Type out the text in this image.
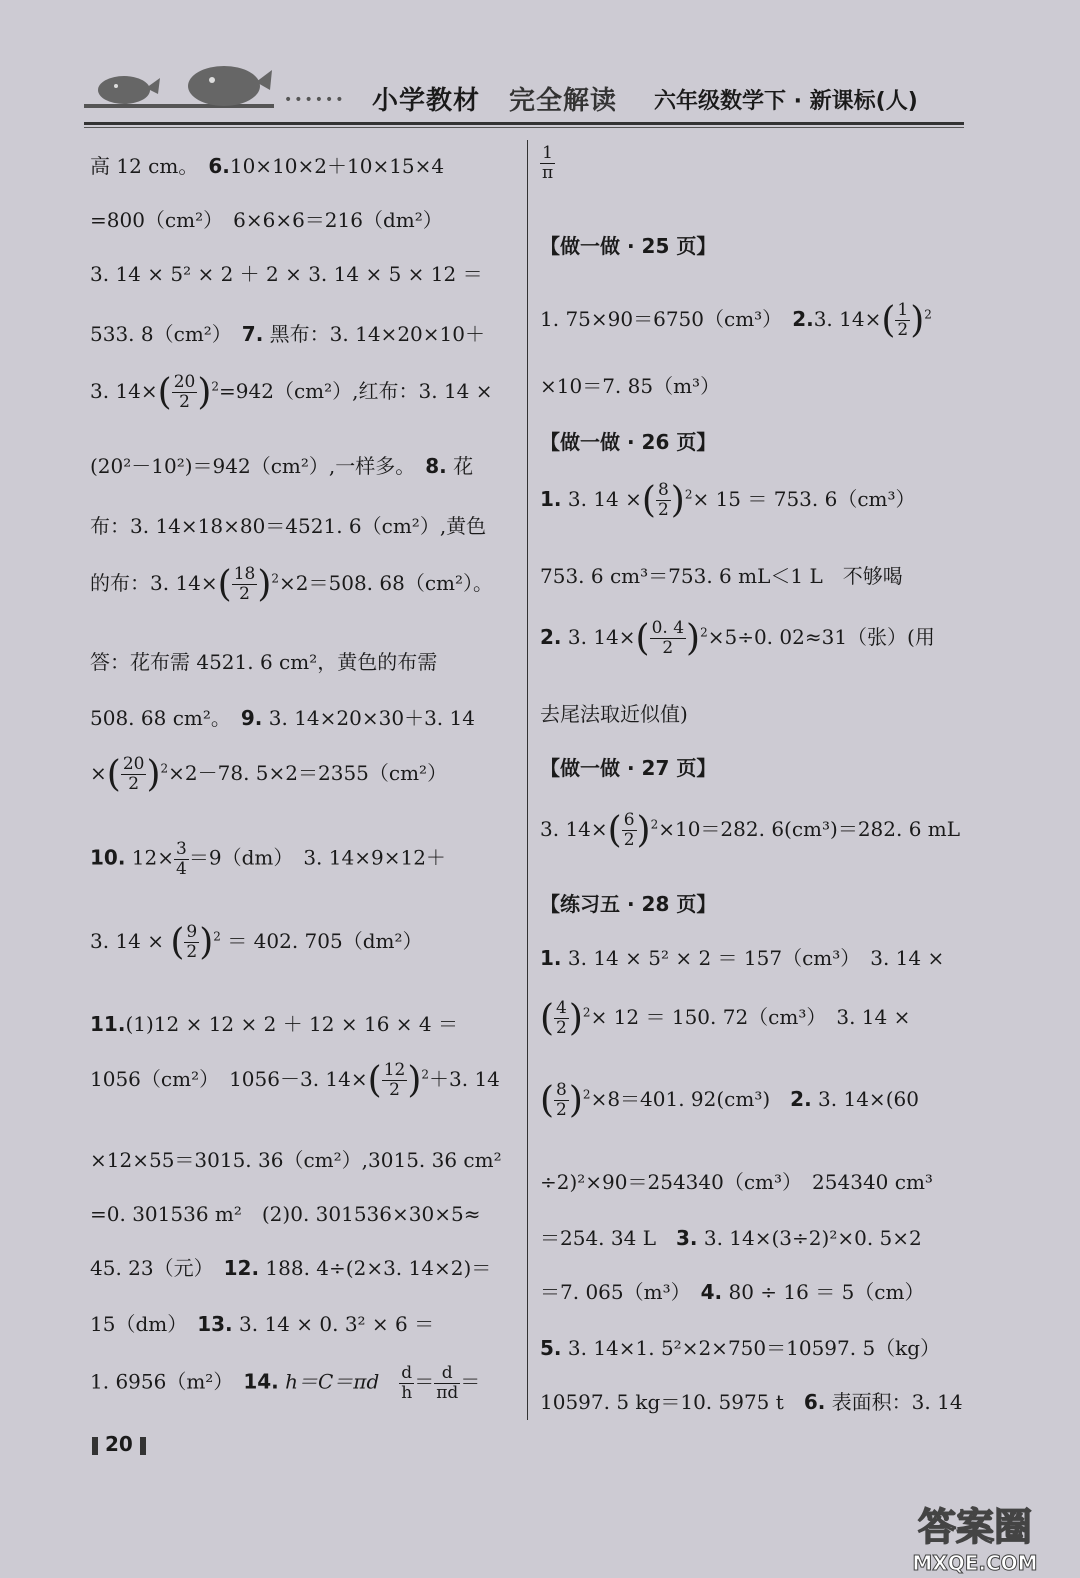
•••••• 小学教材 完全解读 六年级数学下 · 新课标(人)
高 12 cm。　 6.10×10×2＋10×15×4
=800（cm²）　6×6×6＝216（dm²）
3. 14 × 5² × 2 ＋ 2 × 3. 14 × 5 × 12 ＝
533. 8（cm²）　 7. 黑布：3. 14×20×10＋
3. $14\times( \frac{20}{2} )^2=942(cm^2)$,红布：3. 14 ×
(20²－10²)＝942（cm²）,一样多。　 8. 花
布：3. 14×18×80＝4521. 6（cm²）,黄色
的布：3. $14\times( \frac{18}{2} )^2\times 2=508$. 68（cm²）。
答：花布需 4521. 6 cm²，黄色的布需
508. 68 cm²。　 9. 3. 14×20×30＋3. 14
×( $\frac{20}{2} )^2\times 2-78$. 5×2＝2355（cm²）
10. $12\times \frac{3}{4} =9(dm)$　3. 14×9×12＋
3. 14 × ( $\frac{9}{2} )^2 = 402$. 705（dm²）
11.(1)12 × 12 × 2 ＋ 12 × 16 × 4 ＝
1056（cm²）　1056－3. $14\times( \frac{12}{2} )^2+3$. 14
×12×55＝3015. 36（cm²）,3015. 36 cm²
=0. 301536 m²　(2)0. 301536×30×5≈
45. 23（元）　 12. 188. 4÷(2×3. 14×2)＝
15（dm）　 13. 3. 14 × 0. 3² × 6 ＝
1. 6956（m²）　 14. h＝C＝πd　 $\frac{d}{h} = \frac{d}{\pi d}$ ＝
$\frac{1}{\pi}$
【做一做 · 25 页】
1. 75×90＝6750（cm³）　 2.3. $14\times( \frac{1}{2} )^2$
×10＝7. 85（m³）
【做一做 · 26 页】
1. 3. 14 ×( $\frac{8}{2} )^2\times 15 = 753$. 6（cm³）
753. 6 cm³＝753. 6 mL＜1 L　不够喝
2. 3. $14\times( \frac{0. 4}{2} )^2\times 5\div 0$. 02≈31（张）(用
去尾法取近似值)
【做一做 · 27 页】
3. $14\times( \frac{6}{2} )^2\times 10=282$. 6(cm³)＝282. 6 mL
【练习五 · 28 页】
1. 3. 14 × 5² × 2 ＝ 157（cm³）　3. 14 ×
( $\frac{4}{2} )^2\times 12 = 150$. 72（cm³）　3. 14 ×
( $\frac{8}{2} )^2\times 8=401$. 92(cm³)　 2. 3. 14×(60
÷2)²×90＝254340（cm³）　254340 cm³
＝254. 34 L　 3. 3. 14×(3÷2)²×0. 5×2
＝7. 065（m³）　 4. 80 ÷ 16 ＝ 5（cm）
5. 3. 14×1. 5²×2×750＝10597. 5（kg）
10597. 5 kg＝10. 5975 t　 6. 表面积：3. 14
20
答案圈
MXQE.COM
